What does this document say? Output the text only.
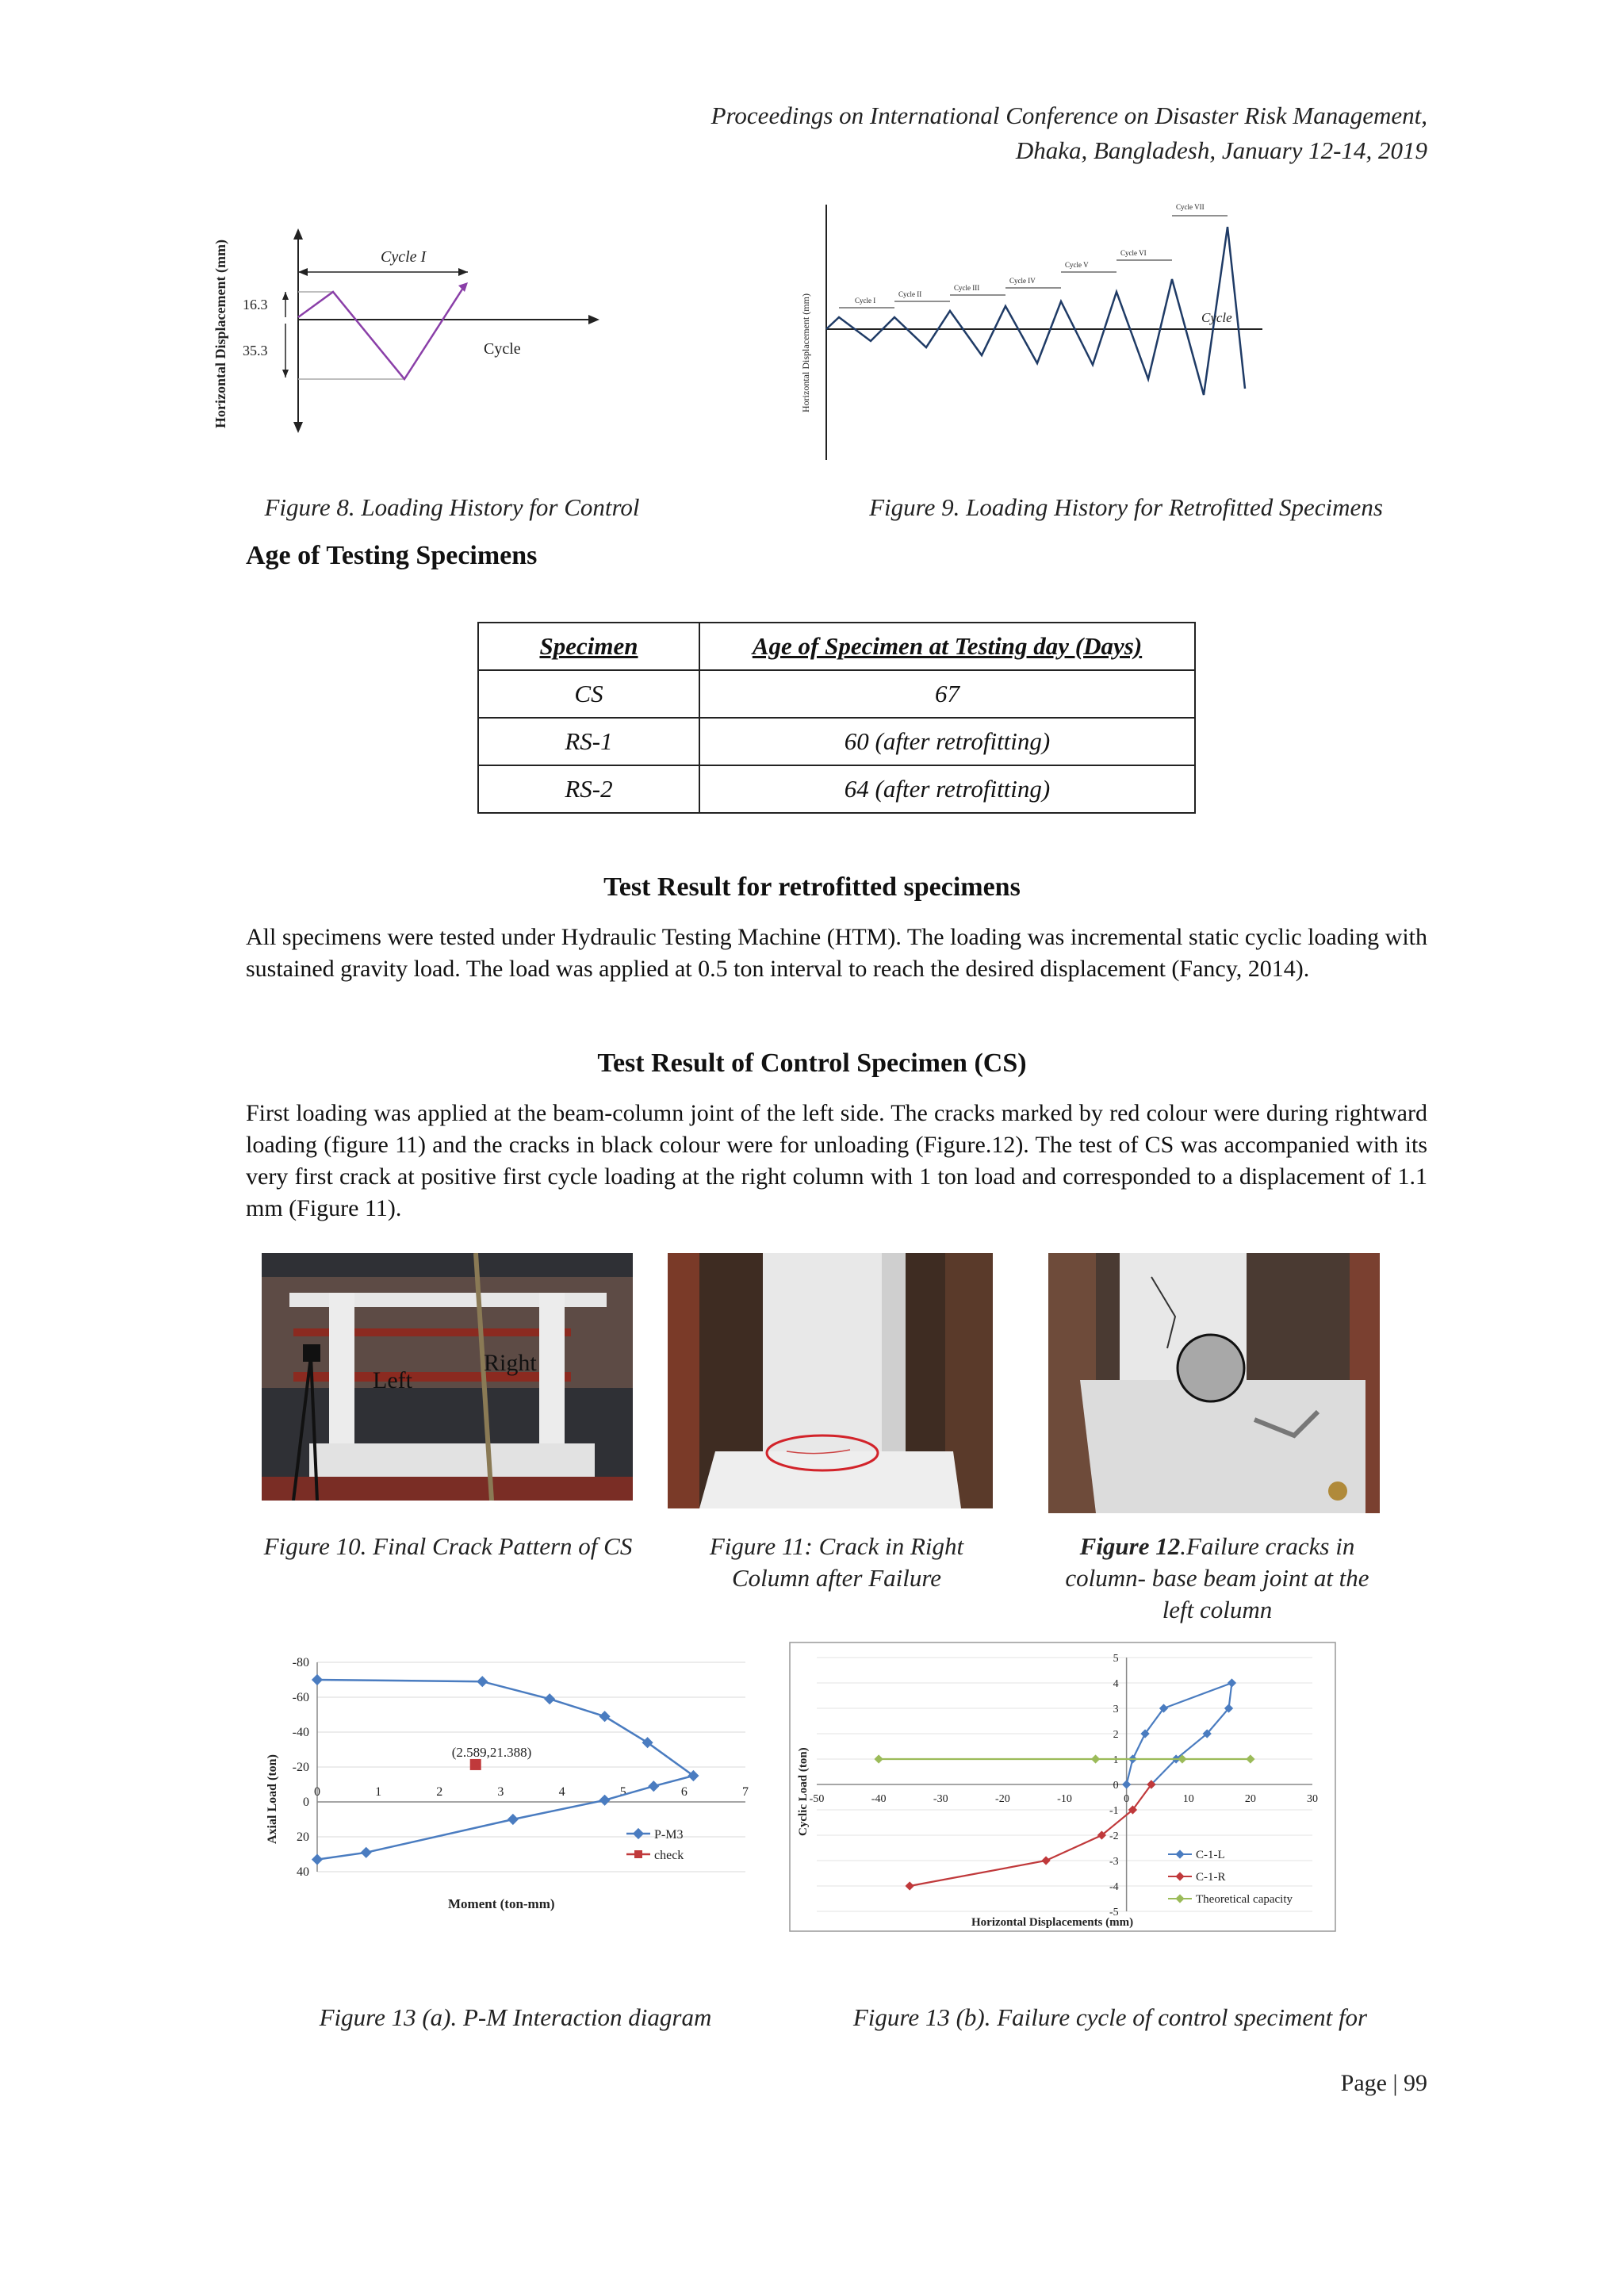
Proceedings on International Conference on Disaster Risk Management,
Dhaka, Bangladesh, January 12-14, 2019
Cycle I
Cycle
16.3
35.3
Horizontal Displacement (mm)
Figure 8. Loading History for Control
Cycle I
Cycle II
Cycle III
Cycle IV
Cycle V
Cycle VI
Cycle VII
Cycle
Horizontal Displacement (mm)
Figure 9. Loading History for Retrofitted Specimens
Age of Testing Specimens
Specimen	Age of Specimen at Testing day (Days)
CS	67
RS-1	60 (after retrofitting)
RS-2	64 (after retrofitting)
Test Result for retrofitted specimens
All specimens were tested under Hydraulic Testing Machine (HTM). The loading was incremental static cyclic loading with sustained gravity load. The load was applied at 0.5 ton interval to reach the desired displacement (Fancy, 2014).
Test Result of Control Specimen (CS)
First loading was applied at the beam-column joint of the left side. The cracks marked by red colour were during rightward loading (figure 11) and the cracks in black colour were for unloading (Figure.12). The test of CS was accompanied with its very first crack at positive first cycle loading at the right column with 1 ton load and corresponded to a displacement of 1.1 mm (Figure 11).
Left
Right
Figure 10. Final Crack Pattern of CS	Figure 11: Crack in Right Column after Failure
Figure 12.Failure cracks in column- base beam joint at the left column
-80
-60
-40
-20
0
20
40
0	1	2	3	4	5	6	7
(2.589,21.388)
Moment (ton-mm)
Axial Load (ton)	P-M3
check
Figure 13 (a). P-M Interaction diagram
5
4
3
2
1
0
-1
-2
-3
-4
-5
-50	-40	-30	-20	-10	0	10	20	30
Horizontal Displacements (mm)
Cyclic Load (ton)
C-1-L
C-1-R
Theoretical capacity
Figure 13 (b). Failure cycle of control speciment for
Page | 99
